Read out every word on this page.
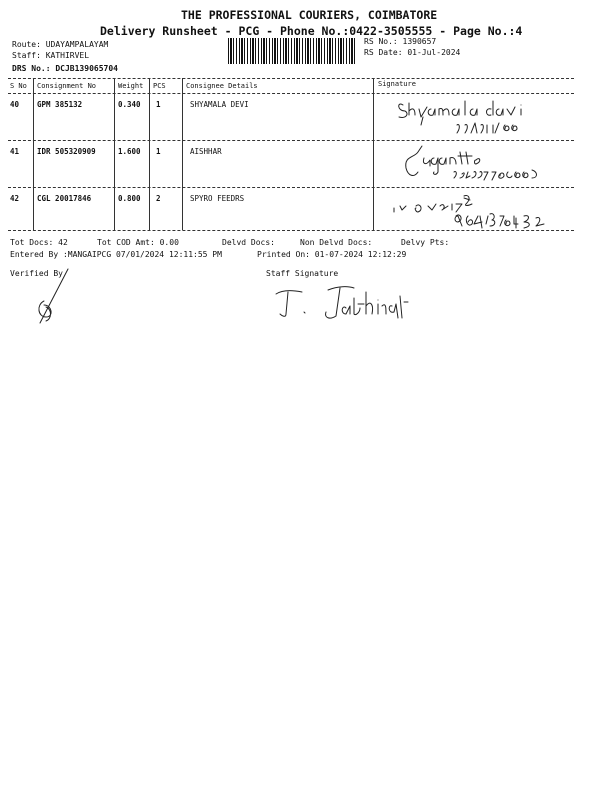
THE PROFESSIONAL COURIERS, COIMBATORE
Delivery Runsheet - PCG - Phone No.:0422-3505555 - Page No.:4
Route: UDAYAMPALAYAM
Staff: KATHIRVEL
DRS No.: DCJB139065704
RS No.: 1390657
RS Date: 01-Jul-2024
S No Consignment No	Weight PCS	Consignee Details	Signature
40 GPM 385132	0.340 1	SHYAMALA DEVI
41 IDR 505320909	1.600 1	AISHHAR
42 CGL 20017846	0.800 2	SPYRO FEEDRS
Tot Docs: 42	Tot COD Amt: 0.00	Delvd Docs:	Non Delvd Docs:	Delvy Pts:
Entered By :MANGAIPCG 07/01/2024 12:11:55 PM	Printed On: 01-07-2024 12:12:29
Verified By	Staff Signature
